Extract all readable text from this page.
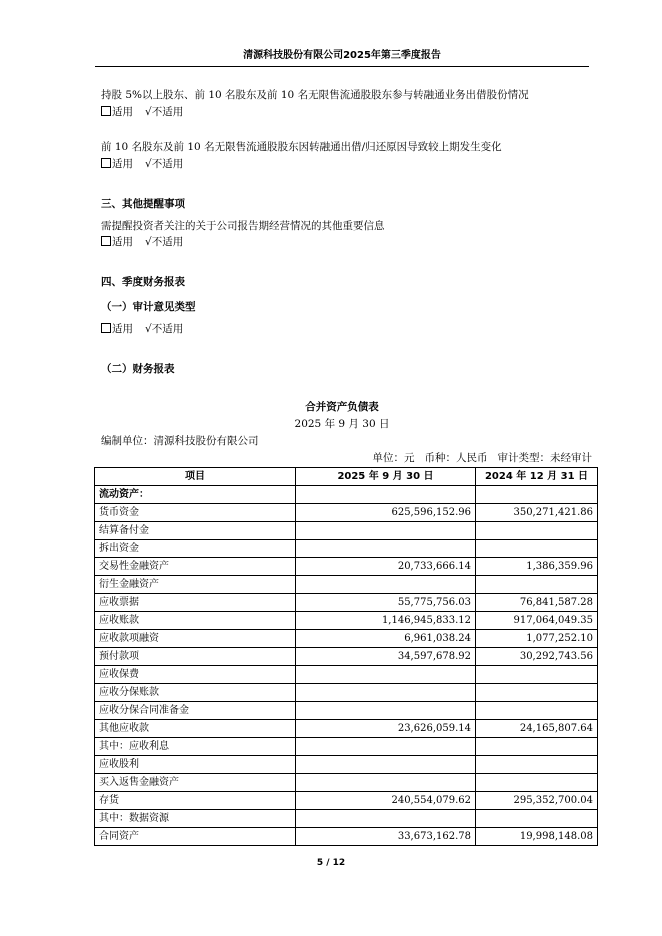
清源科技股份有限公司2025年第三季度报告
持股 5%以上股东、前 10 名股东及前 10 名无限售流通股股东参与转融通业务出借股份情况
适用 √不适用
前 10 名股东及前 10 名无限售流通股股东因转融通出借/归还原因导致较上期发生变化
适用 √不适用
三、其他提醒事项
需提醒投资者关注的关于公司报告期经营情况的其他重要信息
适用 √不适用
四、季度财务报表
（一）审计意见类型
适用 √不适用
（二）财务报表
合并资产负债表
2025 年 9 月 30 日
编制单位：清源科技股份有限公司
单位：元 币种：人民币 审计类型：未经审计
项目	2025 年 9 月 30 日	2024 年 12 月 31 日
流动资产：		
货币资金	625,596,152.96	350,271,421.86
结算备付金		
拆出资金		
交易性金融资产	20,733,666.14	1,386,359.96
衍生金融资产		
应收票据	55,775,756.03	76,841,587.28
应收账款	1,146,945,833.12	917,064,049.35
应收款项融资	6,961,038.24	1,077,252.10
预付款项	34,597,678.92	30,292,743.56
应收保费		
应收分保账款		
应收分保合同准备金		
其他应收款	23,626,059.14	24,165,807.64
其中：应收利息		
应收股利		
买入返售金融资产		
存货	240,554,079.62	295,352,700.04
其中：数据资源		
合同资产	33,673,162.78	19,998,148.08
5 / 12
